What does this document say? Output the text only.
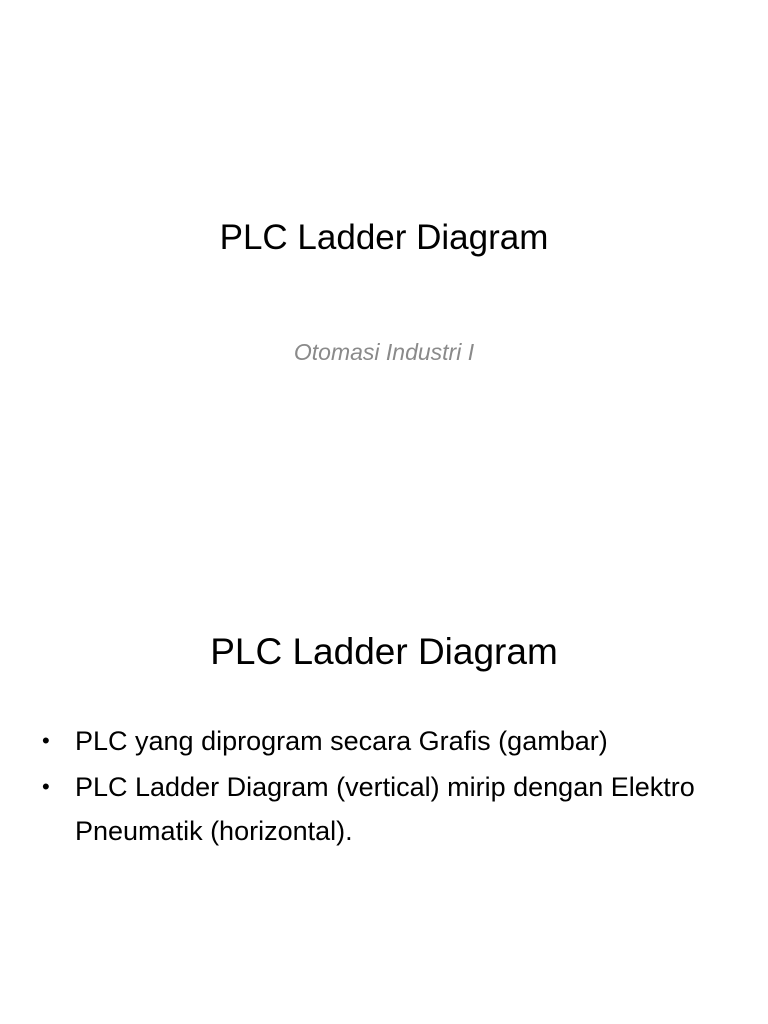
PLC Ladder Diagram

Otomasi Industri I

PLC Ladder Diagram
• PLC yang diprogram secara Grafis (gambar)
• PLC Ladder Diagram (vertical) mirip dengan Elektro Pneumatik (horizontal).
